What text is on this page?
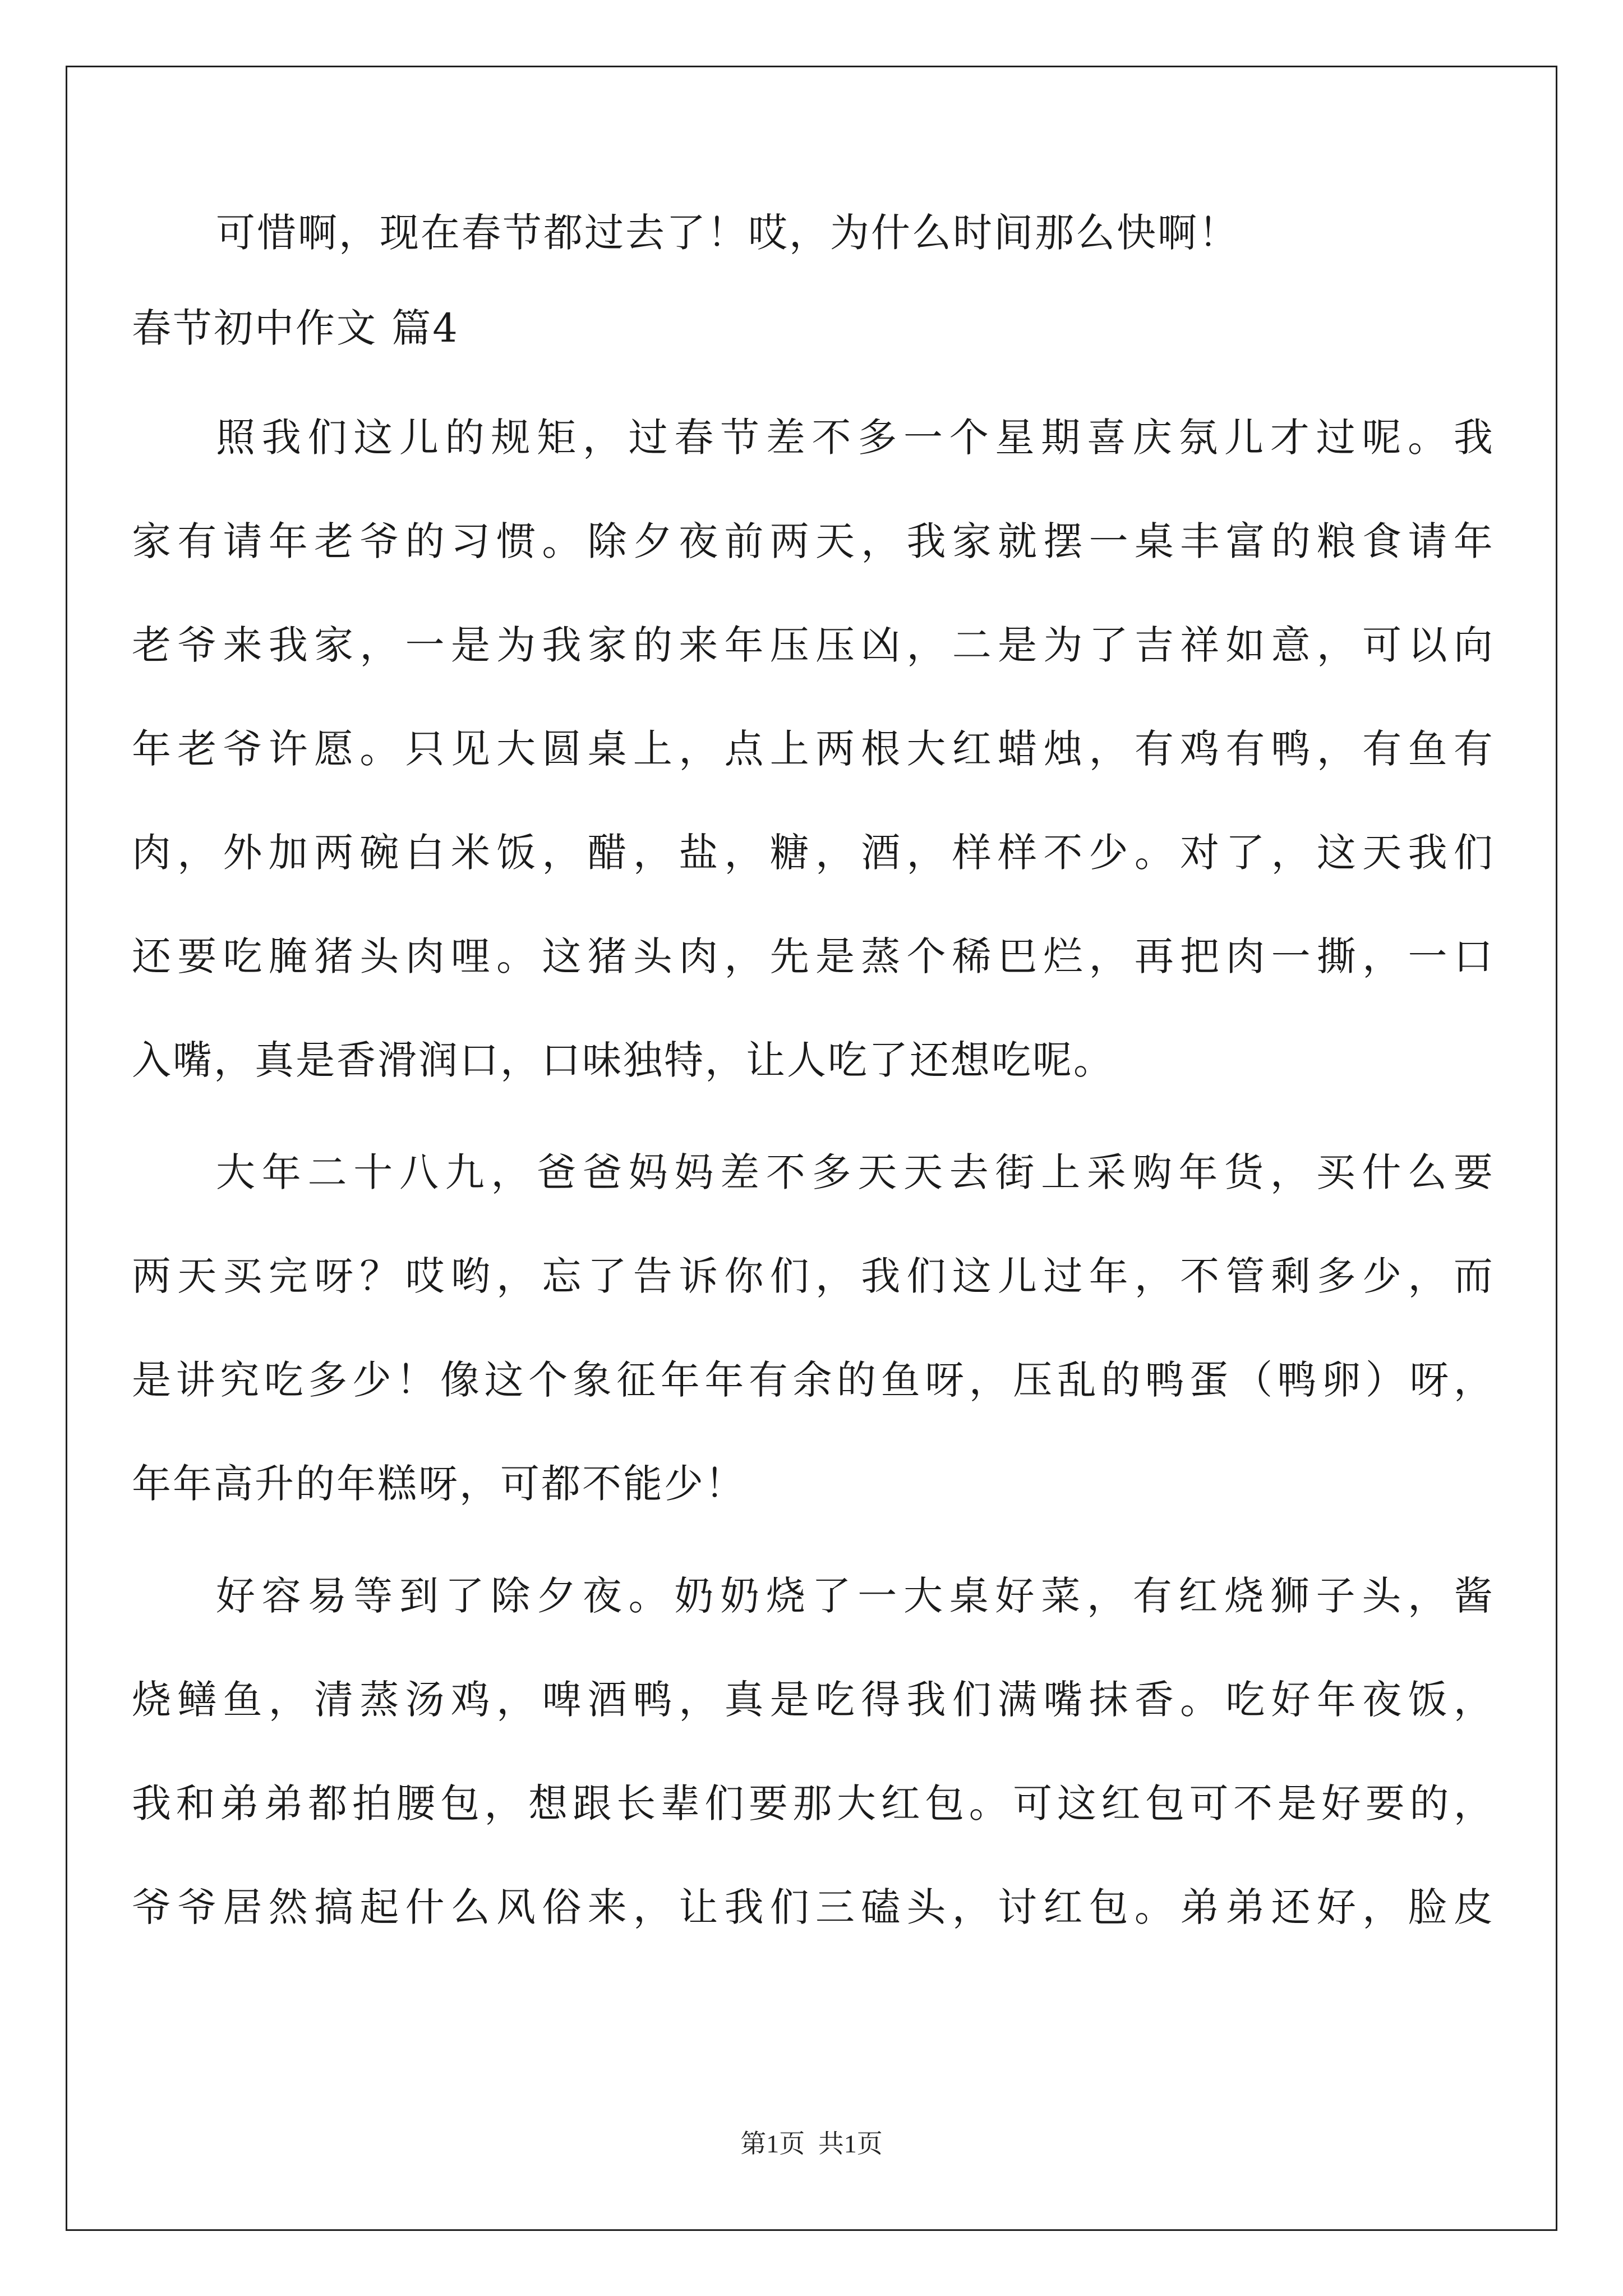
可惜啊，现在春节都过去了！哎，为什么时间那么快啊！
春节初中作文 篇4
照 我 们 这 儿 的 规 矩 ， 过 春 节 差 不 多 一 个 星 期 喜 庆 氛 儿 才 过 呢 。 我
家 有 请 年 老 爷 的 习 惯 。 除 夕 夜 前 两 天 ， 我 家 就 摆 一 桌 丰 富 的 粮 食 请 年
老 爷 来 我 家 ， 一 是 为 我 家 的 来 年 压 压 凶 ， 二 是 为 了 吉 祥 如 意 ， 可 以 向
年 老 爷 许 愿 。 只 见 大 圆 桌 上 ， 点 上 两 根 大 红 蜡 烛 ， 有 鸡 有 鸭 ， 有 鱼 有
肉 ， 外 加 两 碗 白 米 饭 ， 醋 ， 盐 ， 糖 ， 酒 ， 样 样 不 少 。 对 了 ， 这 天 我 们
还 要 吃 腌 猪 头 肉 哩 。 这 猪 头 肉 ， 先 是 蒸 个 稀 巴 烂 ， 再 把 肉 一 撕 ， 一 口
入嘴，真是香滑润口，口味独特，让人吃了还想吃呢。
大 年 二 十 八 九 ， 爸 爸 妈 妈 差 不 多 天 天 去 街 上 采 购 年 货 ， 买 什 么 要
两 天 买 完 呀 ？ 哎 哟 ， 忘 了 告 诉 你 们 ， 我 们 这 儿 过 年 ， 不 管 剩 多 少 ， 而
是 讲 究 吃 多 少 ！ 像 这 个 象 征 年 年 有 余 的 鱼 呀 ， 压 乱 的 鸭 蛋 （ 鸭 卵 ） 呀 ，
年年高升的年糕呀，可都不能少！
好 容 易 等 到 了 除 夕 夜 。 奶 奶 烧 了 一 大 桌 好 菜 ， 有 红 烧 狮 子 头 ， 酱
烧 鳝 鱼 ， 清 蒸 汤 鸡 ， 啤 酒 鸭 ， 真 是 吃 得 我 们 满 嘴 抹 香 。 吃 好 年 夜 饭 ，
我 和 弟 弟 都 拍 腰 包 ， 想 跟 长 辈 们 要 那 大 红 包 。 可 这 红 包 可 不 是 好 要 的 ，
爷 爷 居 然 搞 起 什 么 风 俗 来 ， 让 我 们 三 磕 头 ， 讨 红 包 。 弟 弟 还 好 ， 脸 皮
第1页 共1页
